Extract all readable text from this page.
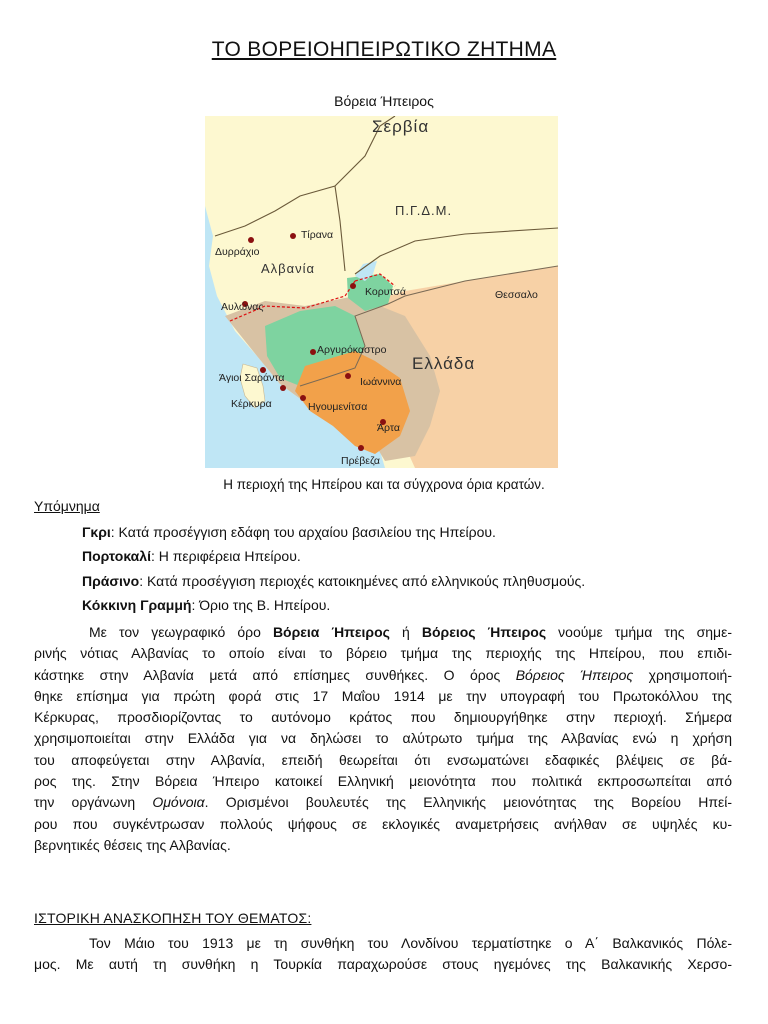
ΤΟ ΒΟΡΕΙΟΗΠΕΙΡΩΤΙΚΟ ΖΗΤΗΜΑ
Βόρεια Ήπειρος
Σερβία
Π.Γ.Δ.Μ.
Τίρανα
Δυρράχιο
Αλβανία
Κορυτσά	Θεσσαλο
Αυλώνας
Αργυρόκαστρο
Ελλάδα
Άγιοι Σαράντα	Ιωάννινα
Κέρκυρα	Ηγουμενίτσα
Άρτα
Πρέβεζα
Η περιοχή της Ηπείρου και τα σύγχρονα όρια κρατών.
Υπόμνημα
Γκρι: Κατά προσέγγιση εδάφη του αρχαίου βασιλείου της Ηπείρου.
Πορτοκαλί: Η περιφέρεια Ηπείρου.
Πράσινο: Κατά προσέγγιση περιοχές κατοικημένες από ελληνικούς πληθυσμούς.
Κόκκινη Γραμμή: Όριο της Β. Ηπείρου.
Με τον γεωγραφικό όρο Βόρεια Ήπειρος ή Βόρειος Ήπειρος νοούμε τμήμα της σημε-
ρινής νότιας Αλβανίας το οποίο είναι το βόρειο τμήμα της περιοχής της Ηπείρου, που επιδι-
κάστηκε στην Αλβανία μετά από επίσημες συνθήκες. Ο όρος Βόρειος Ήπειρος χρησιμοποιή-
θηκε επίσημα για πρώτη φορά στις 17 Μαΐου 1914 με την υπογραφή του Πρωτοκόλλου της
Κέρκυρας, προσδιορίζοντας το αυτόνομο κράτος που δημιουργήθηκε στην περιοχή. Σήμερα
χρησιμοποιείται στην Ελλάδα για να δηλώσει το αλύτρωτο τμήμα της Αλβανίας ενώ η χρήση
του αποφεύγεται στην Αλβανία, επειδή θεωρείται ότι ενσωματώνει εδαφικές βλέψεις σε βά-
ρος της. Στην Βόρεια Ήπειρο κατοικεί Ελληνική μειονότητα που πολιτικά εκπροσωπείται από
την οργάνωνη Ομόνοια. Ορισμένοι βουλευτές της Ελληνικής μειονότητας της Βορείου Ηπεί-
ρου που συγκέντρωσαν πολλούς ψήφους σε εκλογικές αναμετρήσεις ανήλθαν σε υψηλές κυ-
βερνητικές θέσεις της Αλβανίας.
ΙΣΤΟΡΙΚΗ ΑΝΑΣΚΟΠΗΣΗ ΤΟΥ ΘΕΜΑΤΟΣ:
Τον Μάιο του 1913 με τη συνθήκη του Λονδίνου τερματίστηκε ο Α΄ Βαλκανικός Πόλε-
μος. Με αυτή τη συνθήκη η Τουρκία παραχωρούσε στους ηγεμόνες της Βαλκανικής Χερσο-
